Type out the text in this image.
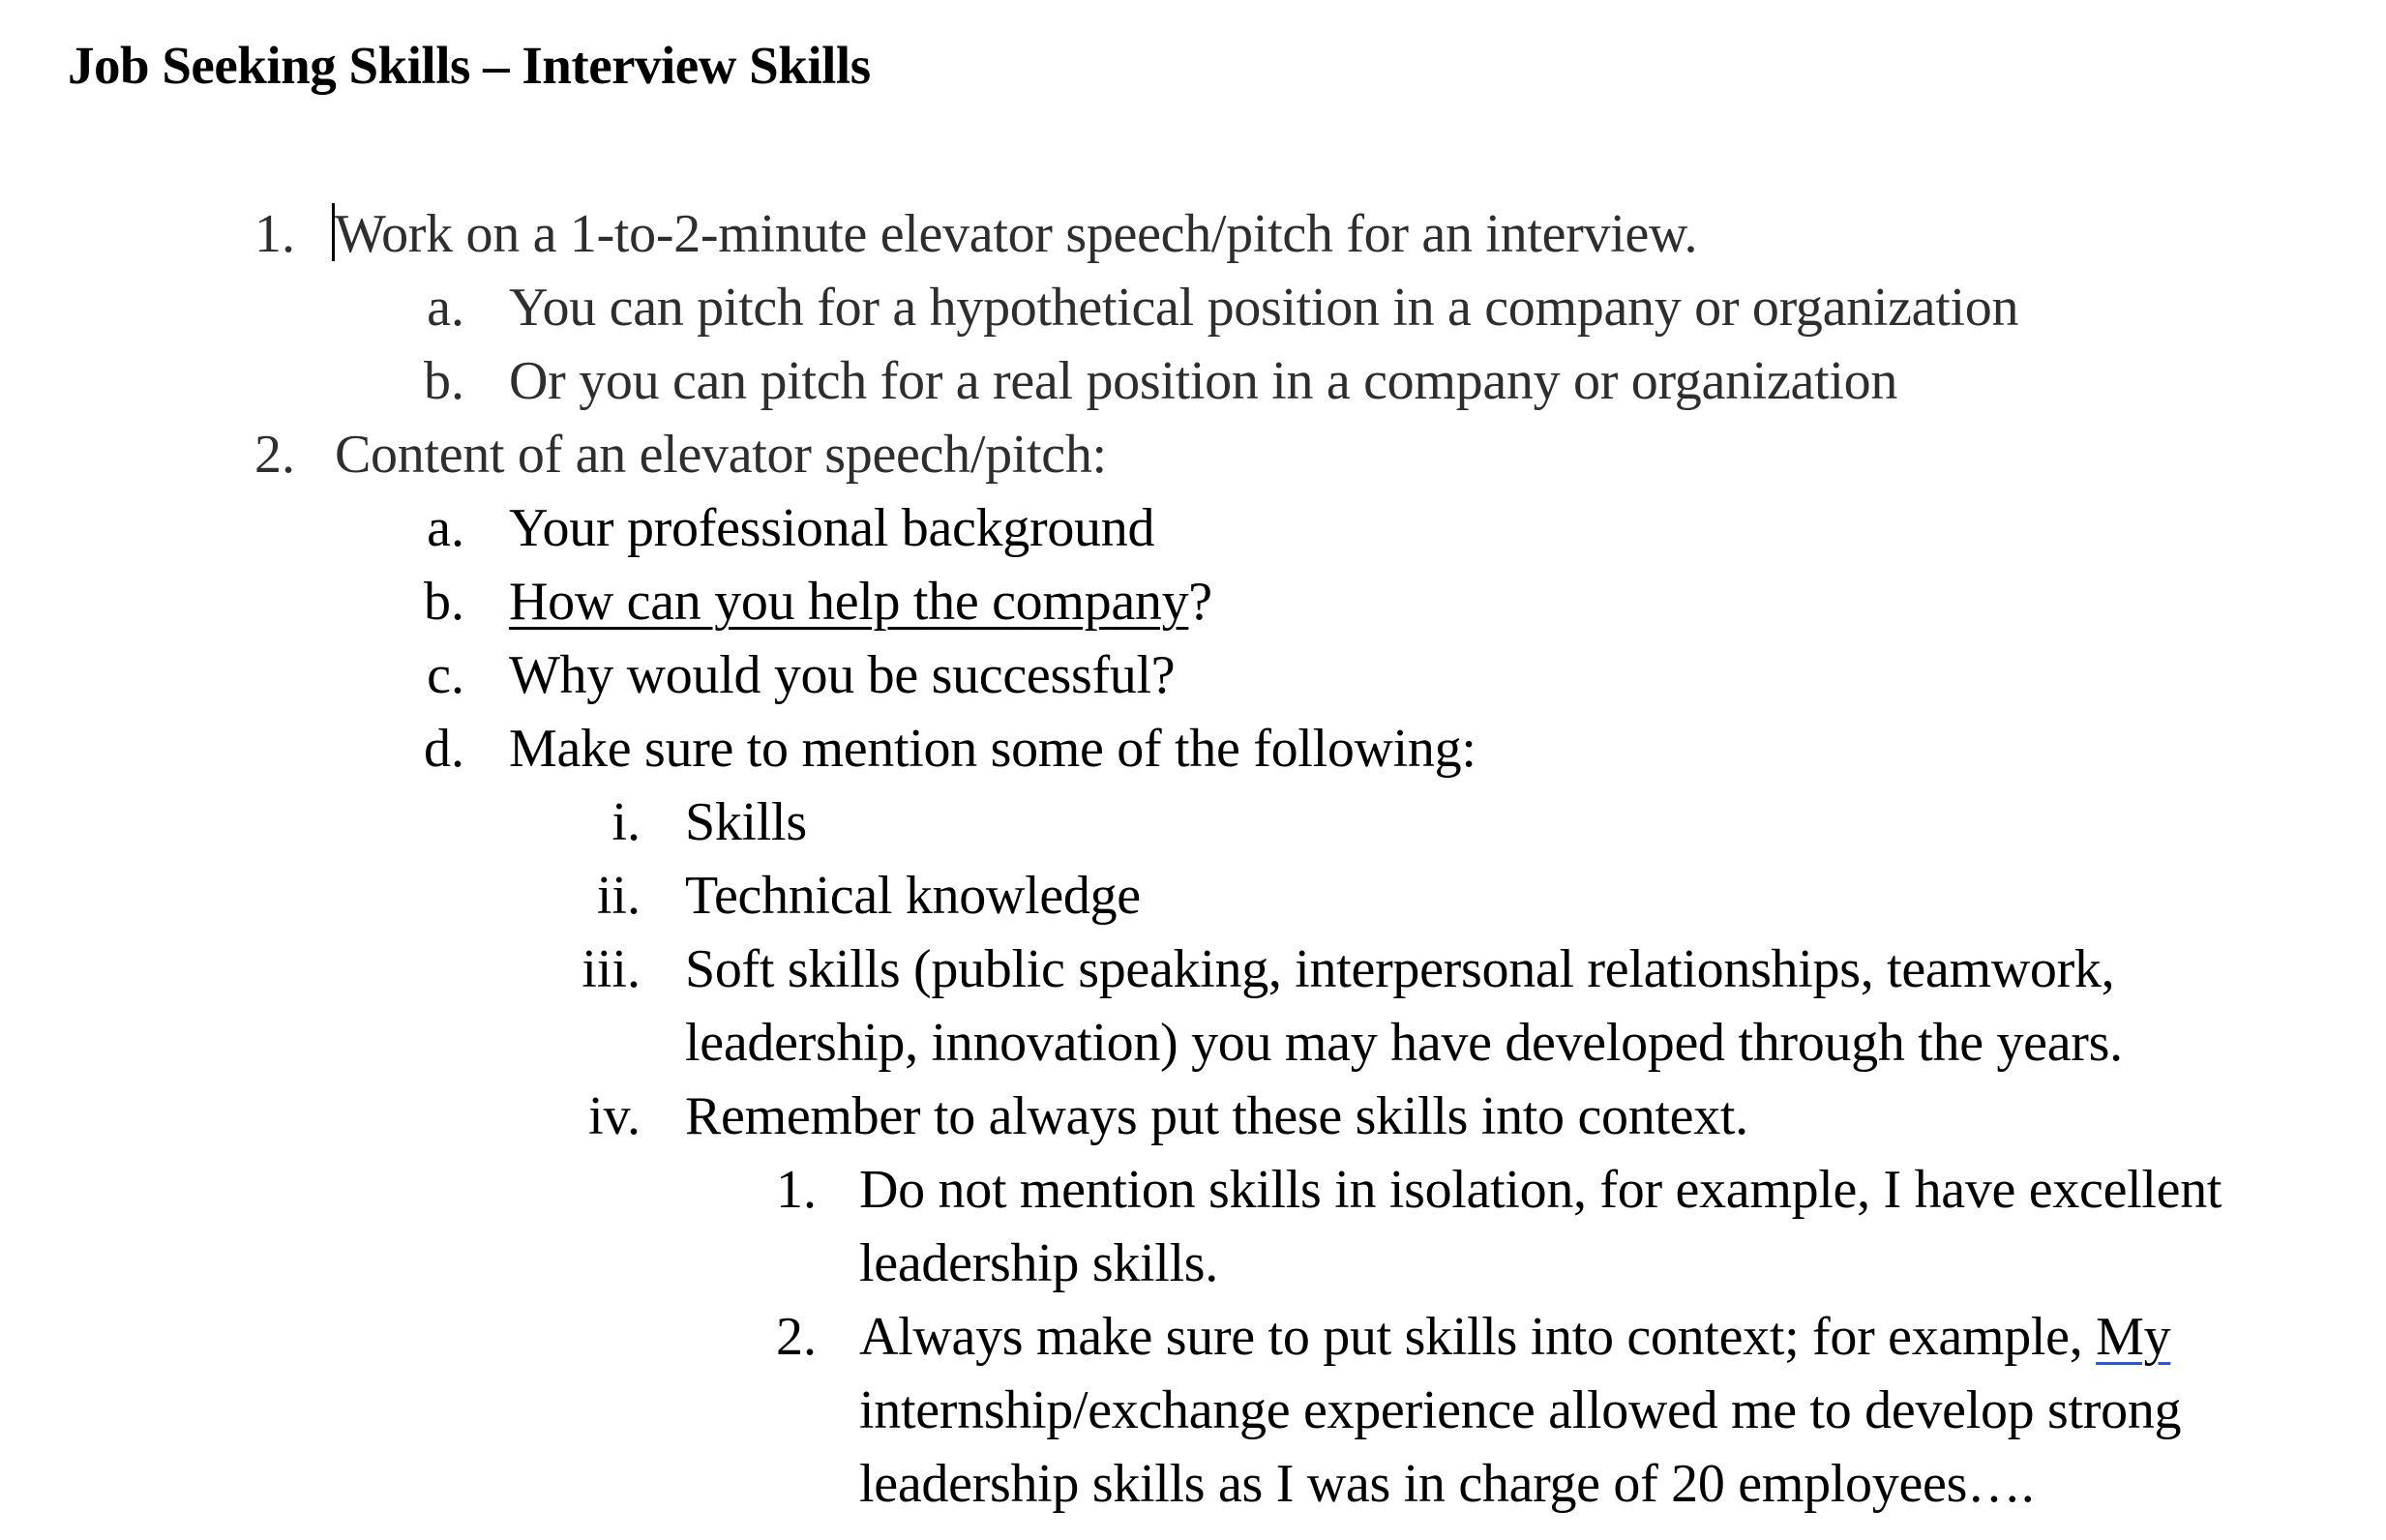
Job Seeking Skills – Interview Skills
1. Work on a 1-to-2-minute elevator speech/pitch for an interview.
a. You can pitch for a hypothetical position in a company or organization
b. Or you can pitch for a real position in a company or organization
2. Content of an elevator speech/pitch:
a. Your professional background
b. How can you help the company?
c. Why would you be successful?
d. Make sure to mention some of the following:
i. Skills
ii. Technical knowledge
iii. Soft skills (public speaking, interpersonal relationships, teamwork,
leadership, innovation) you may have developed through the years.
iv. Remember to always put these skills into context.
1. Do not mention skills in isolation, for example, I have excellent
leadership skills.
2. Always make sure to put skills into context; for example, My
internship/exchange experience allowed me to develop strong
leadership skills as I was in charge of 20 employees….
